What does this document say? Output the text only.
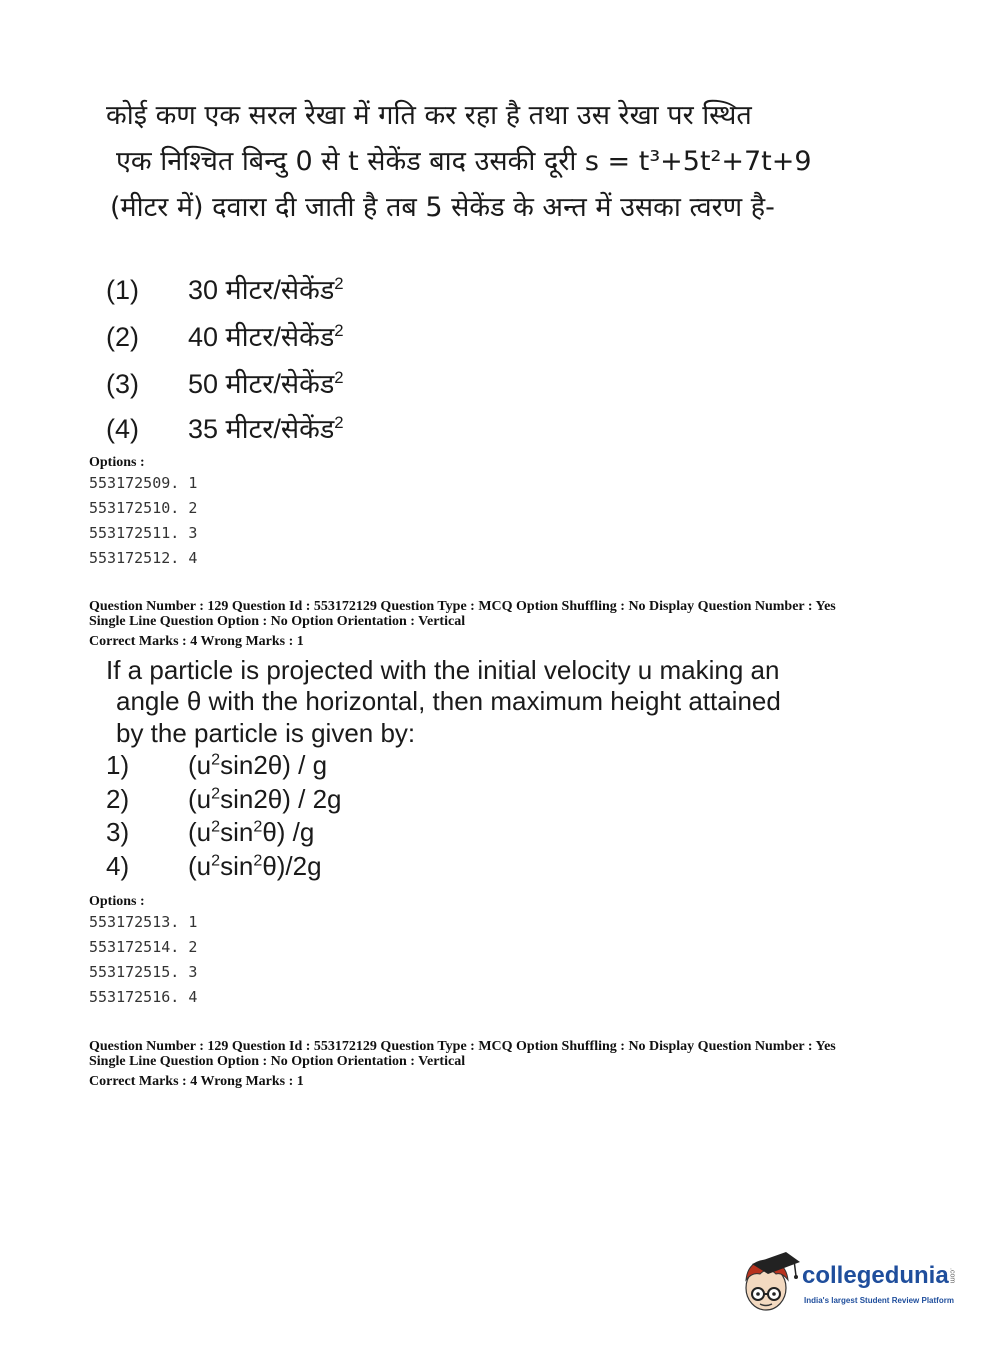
कोई कण एक सरल रेखा में गति कर रहा है तथा उस रेखा पर स्थित
एक निश्चित बिन्दु 0 से t सेकेंड बाद उसकी दूरी s = t³+5t²+7t+9
(मीटर में) दवारा दी जाती है तब 5 सेकेंड के अन्त में उसका त्वरण है-
(1) 30 मीटर/सेकेंड$^2$
(2) 40 मीटर/सेकेंड$^2$
(3) 50 मीटर/सेकेंड$^2$
(4) 35 मीटर/सेकेंड$^2$
Options :
553172509. 1
553172510. 2
553172511. 3
553172512. 4
Question Number : 129 Question Id : 553172129 Question Type : MCQ Option Shuffling : No Display Question Number : Yes
Single Line Question Option : No Option Orientation : Vertical
Correct Marks : 4 Wrong Marks : 1
If a particle is projected with the initial velocity u making an
angle θ with the horizontal, then maximum height attained
by the particle is given by:
1) $(u^2\sin 2\theta)$ / g
2) $(u^2\sin 2\theta) / 2g$
3) $(u^2\sin^2\theta)$ /g
4) $(u^2\sin^2\theta)/2g$
Options :
553172513. 1
553172514. 2
553172515. 3
553172516. 4
Question Number : 129 Question Id : 553172129 Question Type : MCQ Option Shuffling : No Display Question Number : Yes
Single Line Question Option : No Option Orientation : Vertical
Correct Marks : 4 Wrong Marks : 1
collegedunia.com
India's largest Student Review Platform
